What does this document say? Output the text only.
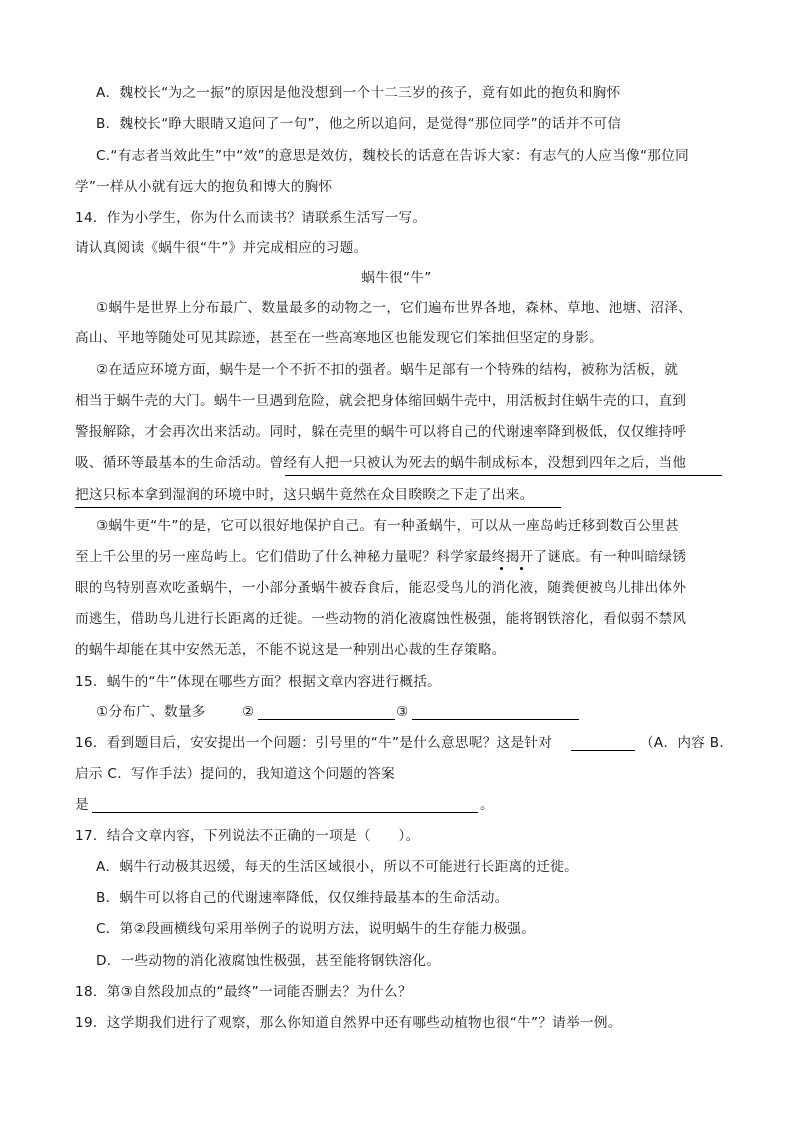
A．魏校长“为之一振”的原因是他没想到一个十二三岁的孩子，竟有如此的抱负和胸怀
B．魏校长“睁大眼睛又追问了一句”，他之所以追问，是觉得“那位同学”的话并不可信
C.“有志者当效此生”中“效”的意思是效仿，魏校长的话意在告诉大家：有志气的人应当像“那位同
学”一样从小就有远大的抱负和博大的胸怀
14．作为小学生，你为什么而读书？请联系生活写一写。
请认真阅读《蜗牛很“牛”》并完成相应的习题。
蜗牛很“牛”
①蜗牛是世界上分布最广、数量最多的动物之一，它们遍布世界各地，森林、草地、池塘、沼泽、
高山、平地等随处可见其踪迹，甚至在一些高寒地区也能发现它们笨拙但坚定的身影。
②在适应环境方面，蜗牛是一个不折不扣的强者。蜗牛足部有一个特殊的结构，被称为活板，就
相当于蜗牛壳的大门。蜗牛一旦遇到危险，就会把身体缩回蜗牛壳中，用活板封住蜗牛壳的口，直到
警报解除，才会再次出来活动。同时，躲在壳里的蜗牛可以将自己的代谢速率降到极低，仅仅维持呼
吸、循环等最基本的生命活动。曾经有人把一只被认为死去的蜗牛制成标本，没想到四年之后，当他
把这只标本拿到湿润的环境中时，这只蜗牛竟然在众目睽睽之下走了出来。
③蜗牛更“牛”的是，它可以很好地保护自己。有一种蚤蜗牛，可以从一座岛屿迁移到数百公里甚
至上千公里的另一座岛屿上。它们借助了什么神秘力量呢？科学家最终揭开了谜底。有一种叫暗绿锈
眼的鸟特别喜欢吃蚤蜗牛，一小部分蚤蜗牛被吞食后，能忍受鸟儿的消化液，随粪便被鸟儿排出体外
而逃生，借助鸟儿进行长距离的迁徙。一些动物的消化液腐蚀性极强，能将钢铁溶化，看似弱不禁风
的蜗牛却能在其中安然无恙，不能不说这是一种别出心裁的生存策略。
15．蜗牛的“牛”体现在哪些方面？根据文章内容进行概括。
①分布广、数量多	②	③
16．看到题目后，安安提出一个问题：引号里的“牛”是什么意思呢？这是针对	（A．内容 B．
启示 C．写作手法）提问的，我知道这个问题的答案
是	。
17．结合文章内容，下列说法不正确的一项是（　　）。
A．蜗牛行动极其迟缓，每天的生活区域很小，所以不可能进行长距离的迁徙。
B．蜗牛可以将自己的代谢速率降低，仅仅维持最基本的生命活动。
C．第②段画横线句采用举例子的说明方法，说明蜗牛的生存能力极强。
D．一些动物的消化液腐蚀性极强，甚至能将钢铁溶化。
18．第③自然段加点的“最终”一词能否删去？为什么？
19．这学期我们进行了观察，那么你知道自然界中还有哪些动植物也很“牛”？请举一例。
